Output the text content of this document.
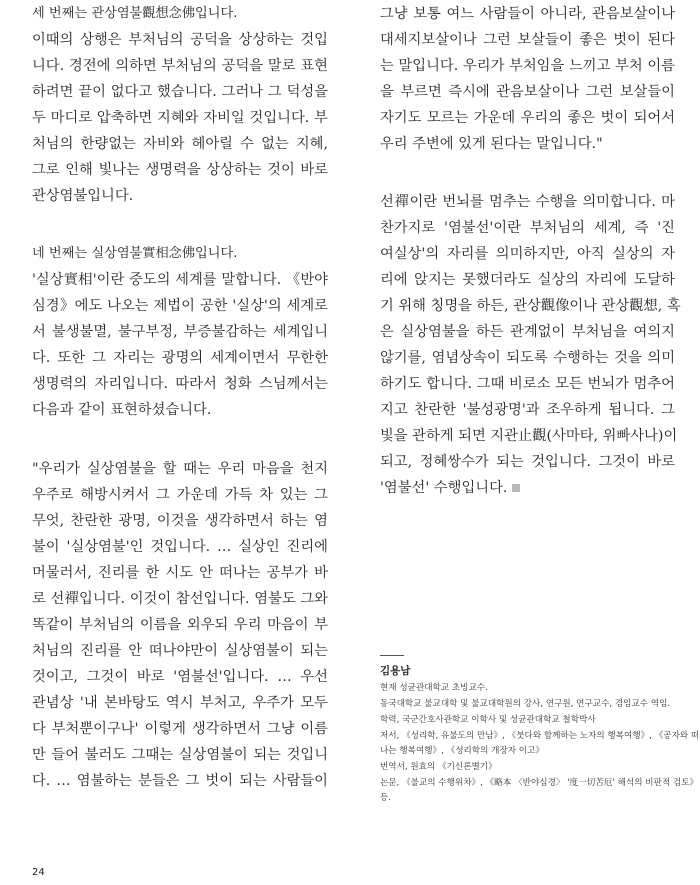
세 번째는 관상염불觀想念佛입니다.
이때의 상행은 부처님의 공덕을 상상하는 것입
니다. 경전에 의하면 부처님의 공덕을 말로 표현
하려면 끝이 없다고 했습니다. 그러나 그 덕성을
두 마디로 압축하면 지혜와 자비일 것입니다. 부
처님의 한량없는 자비와 헤아릴 수 없는 지혜,
그로 인해 빛나는 생명력을 상상하는 것이 바로
관상염불입니다.
네 번째는 실상염불實相念佛입니다.
'실상實相'이란 중도의 세계를 말합니다. 《반야
심경》에도 나오는 제법이 공한 '실상'의 세계로
서 불생불멸, 불구부정, 부증불감하는 세계입니
다. 또한 그 자리는 광명의 세계이면서 무한한
생명력의 자리입니다. 따라서 청화 스님께서는
다음과 같이 표현하셨습니다.
"우리가 실상염불을 할 때는 우리 마음을 천지
우주로 해방시켜서 그 가운데 가득 차 있는 그
무엇, 찬란한 광명, 이것을 생각하면서 하는 염
불이 '실상염불'인 것입니다. … 실상인 진리에
머물러서, 진리를 한 시도 안 떠나는 공부가 바
로 선禪입니다. 이것이 참선입니다. 염불도 그와
똑같이 부처님의 이름을 외우되 우리 마음이 부
처님의 진리를 안 떠나야만이 실상염불이 되는
것이고, 그것이 바로 '염불선'입니다. … 우선
관념상 '내 본바탕도 역시 부처고, 우주가 모두
다 부처뿐이구나' 이렇게 생각하면서 그냥 이름
만 들어 불러도 그때는 실상염불이 되는 것입니
다. … 염불하는 분들은 그 벗이 되는 사람들이
그냥 보통 여느 사람들이 아니라, 관음보살이나
대세지보살이나 그런 보살들이 좋은 벗이 된다
는 말입니다. 우리가 부처임을 느끼고 부처 이름
을 부르면 즉시에 관음보살이나 그런 보살들이
자기도 모르는 가운데 우리의 좋은 벗이 되어서
우리 주변에 있게 된다는 말입니다."
선禪이란 번뇌를 멈추는 수행을 의미합니다. 마
찬가지로 '염불선'이란 부처님의 세계, 즉 '진
여실상'의 자리를 의미하지만, 아직 실상의 자
리에 앉지는 못했더라도 실상의 자리에 도달하
기 위해 칭명을 하든, 관상觀像이나 관상觀想, 혹
은 실상염불을 하든 관계없이 부처님을 여의지
않기를, 염념상속이 되도록 수행하는 것을 의미
하기도 합니다. 그때 비로소 모든 번뇌가 멈추어
지고 찬란한 '불성광명'과 조우하게 됩니다. 그
빛을 관하게 되면 지관止觀(사마타, 위빠사나)이
되고, 정혜쌍수가 되는 것입니다. 그것이 바로
'염불선' 수행입니다.
김용남
현재 성균관대학교 초빙교수.
동국대학교 불교대학 및 불교대학원의 강사, 연구원, 연구교수, 겸임교수 역임.
학력, 국군간호사관학교 이학사 및 성균관대학교 철학박사
저서, 《성리학, 유불도의 만남》, 《붓다와 함께하는 노자의 행복여행》, 《공자와 떠
나는 행복여행》, 《성리학의 개장자 이고》
번역서, 원효의 《기신론별기》
논문, 《불교의 수행위차》, 《略本 〈반야심경〉 '度一切苦厄' 해석의 비판적 검토》
등.
24
